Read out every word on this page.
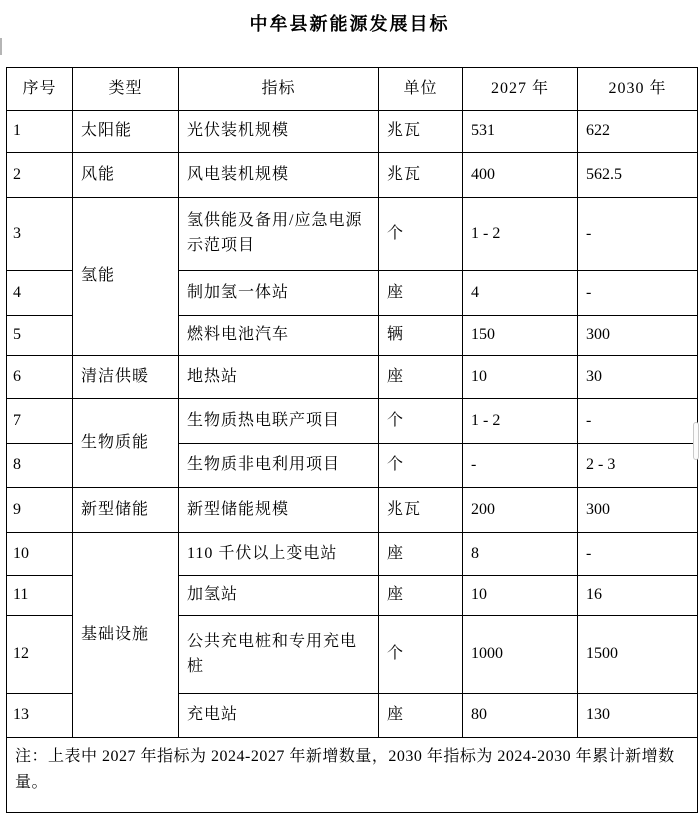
中牟县新能源发展目标
序号	类型	指标	单位	2027 年	2030 年
1	太阳能	光伏装机规模	兆瓦	531	622
2	风能	风电装机规模	兆瓦	400	562.5
3	氢能	氢供能及备用/应急电源示范项目	个	1 - 2	-
4		制加氢一体站	座	4	-
5		燃料电池汽车	辆	150	300
6	清洁供暖	地热站	座	10	30
7	生物质能	生物质热电联产项目	个	1 - 2	-
8		生物质非电利用项目	个	-	2 - 3
9	新型储能	新型储能规模	兆瓦	200	300
10	基础设施	110 千伏以上变电站	座	8	-
11		加氢站	座	10	16
12		公共充电桩和专用充电桩	个	1000	1500
13		充电站	座	80	130
注：上表中 2027 年指标为 2024-2027 年新增数量，2030 年指标为 2024-2030 年累计新增数量。					
